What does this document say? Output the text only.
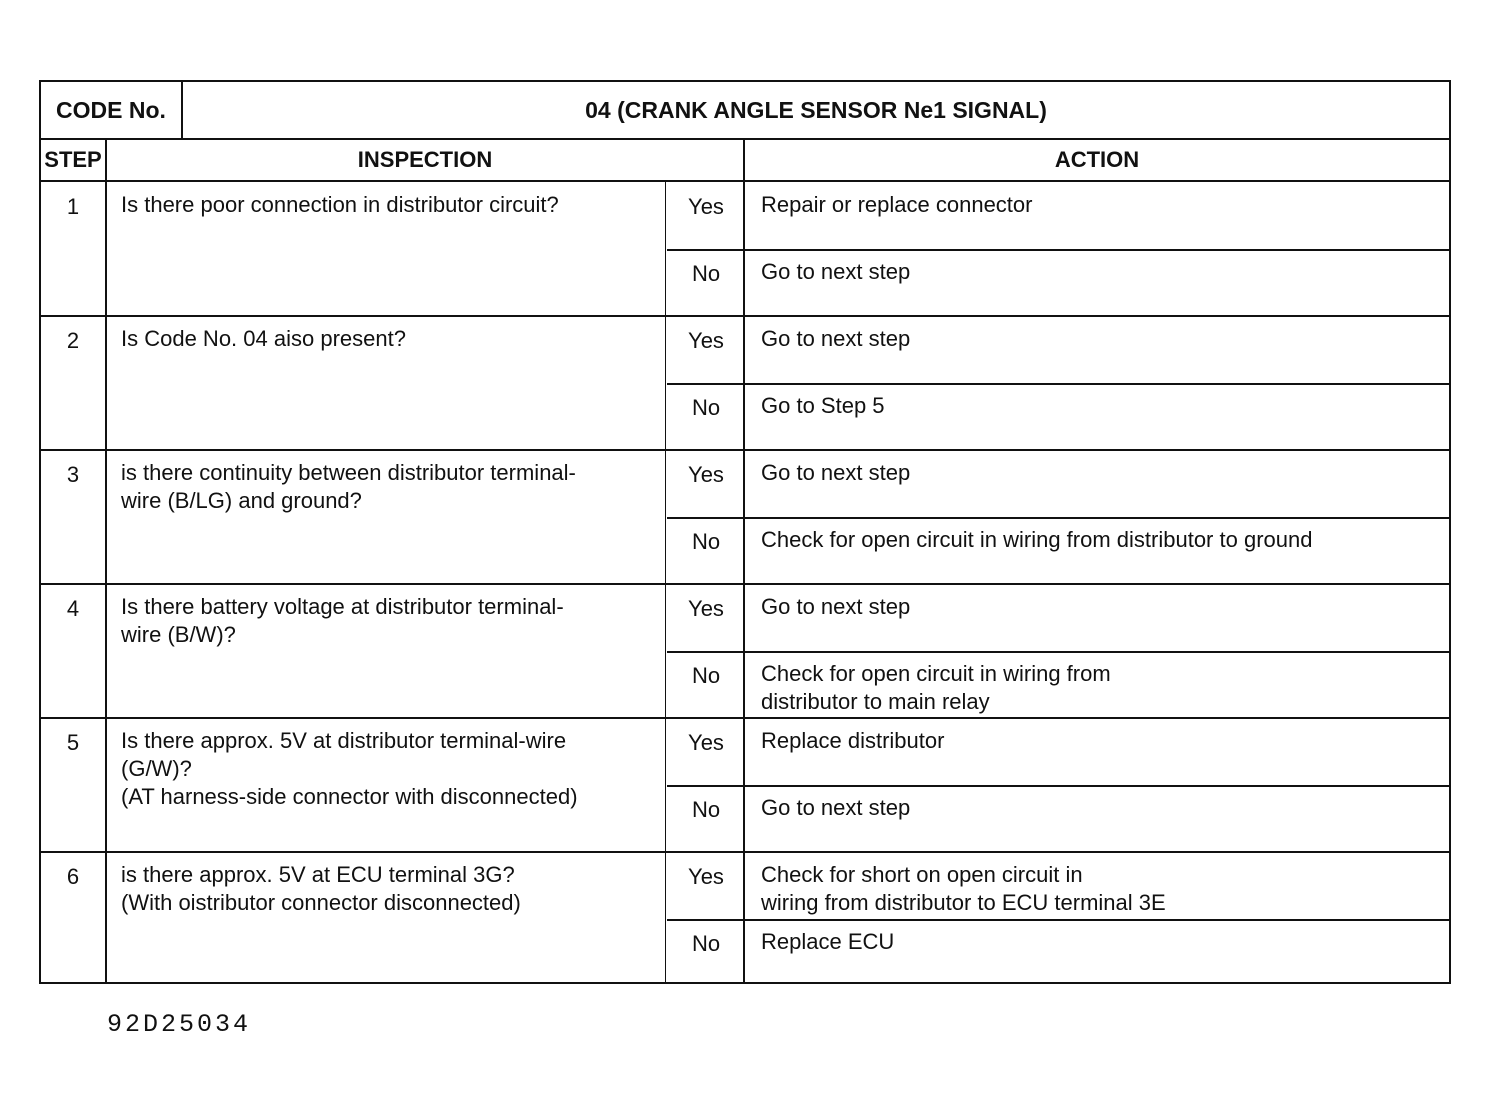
CODE No.	04 (CRANK ANGLE SENSOR Ne1 SIGNAL)
STEP	INSPECTION	ACTION
1	Is there poor connection in distributor circuit?	Yes	Repair or replace connector
No	Go to next step
2	Is Code No. 04 aiso present?	Yes	Go to next step
No	Go to Step 5
3	is there continuity between distributor terminal-
wire (B/LG) and ground?
Yes	Go to next step
No	Check for open circuit in wiring from distributor to ground
4	Is there battery voltage at distributor terminal-
wire (B/W)?
Yes	Go to next step
No	Check for open circuit in wiring from
distributor to main relay
5	Is there approx. 5V at distributor terminal-wire
(G/W)?
(AT harness-side connector with disconnected)
Yes	Replace distributor
No	Go to next step
6	is there approx. 5V at ECU terminal 3G?
(With oistributor connector disconnected)
Yes	Check for short on open circuit in
wiring from distributor to ECU terminal 3E
No	Replace ECU
92D25034
